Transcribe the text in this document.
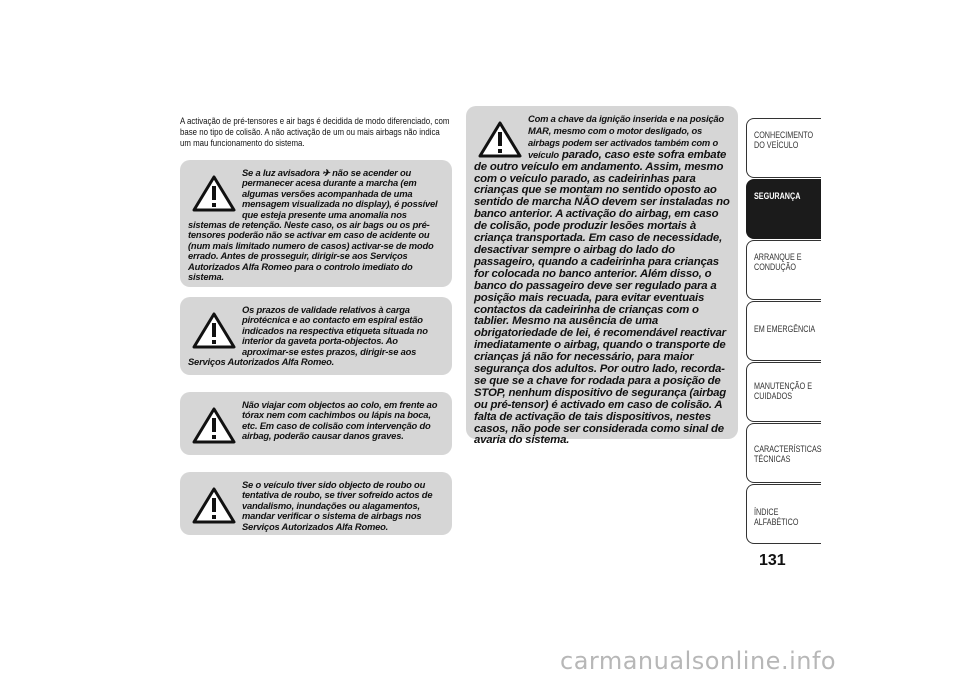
A activação de pré-tensores e air bags é decidida de modo diferenciado, com base no tipo de colisão. A não activação de um ou mais airbags não indica um mau funcionamento do sistema.
Se a luz avisadora ✈ não se acender ou permanecer acesa durante a marcha (em algumas versões acompanhada de uma mensagem visualizada no display), é possível que esteja presente uma anomalia nos sistemas de retenção. Neste caso, os air bags ou os pré-tensores poderão não se activar em caso de acidente ou (num mais limitado numero de casos) activar-se de modo errado. Antes de prosseguir, dirigir-se aos Serviços Autorizados Alfa Romeo para o controlo imediato do sistema.
Os prazos de validade relativos à carga pirotécnica e ao contacto em espiral estão indicados na respectiva etiqueta situada no interior da gaveta porta-objectos. Ao aproximar-se estes prazos, dirigir-se aos Serviços Autorizados Alfa Romeo.
Não viajar com objectos ao colo, em frente ao tórax nem com cachimbos ou lápis na boca, etc. Em caso de colisão com intervenção do airbag, poderão causar danos graves.
Se o veículo tiver sido objecto de roubo ou tentativa de roubo, se tiver sofreido actos de vandalismo, inundações ou alagamentos, mandar verificar o sistema de airbags nos Serviços Autorizados Alfa Romeo.
Com a chave da ignição inserida e na posição MAR, mesmo com o motor desligado, os airbags podem ser activados também com o veículo parado, caso este sofra embate de outro veículo em andamento. Assim, mesmo com o veículo parado, as cadeirinhas para crianças que se montam no sentido oposto ao sentido de marcha NÃO devem ser instaladas no banco anterior. A activação do airbag, em caso de colisão, pode produzir lesões mortais à criança transportada. Em caso de necessidade, desactivar sempre o airbag do lado do passageiro, quando a cadeirinha para crianças for colocada no banco anterior. Além disso, o banco do passageiro deve ser regulado para a posição mais recuada, para evitar eventuais contactos da cadeirinha de crianças com o tablier. Mesmo na ausência de uma obrigatoriedade de lei, é recomendável reactivar imediatamente o airbag, quando o transporte de crianças já não for necessário, para maior segurança dos adultos. Por outro lado, recorda-se que se a chave for rodada para a posição de STOP, nenhum dispositivo de segurança (airbag ou pré-tensor) é activado em caso de colisão. A falta de activação de tais dispositivos, nestes casos, não pode ser considerada como sinal de avaria do sistema.
CONHECIMENTO DO VEÍCULO
SEGURANÇA
ARRANQUE E CONDUÇÃO
EM EMERGÊNCIA
MANUTENÇÃO E CUIDADOS
CARACTERÍSTICAS TÉCNICAS
ÍNDICE ALFABÉTICO
131
carmanualsonline.info
